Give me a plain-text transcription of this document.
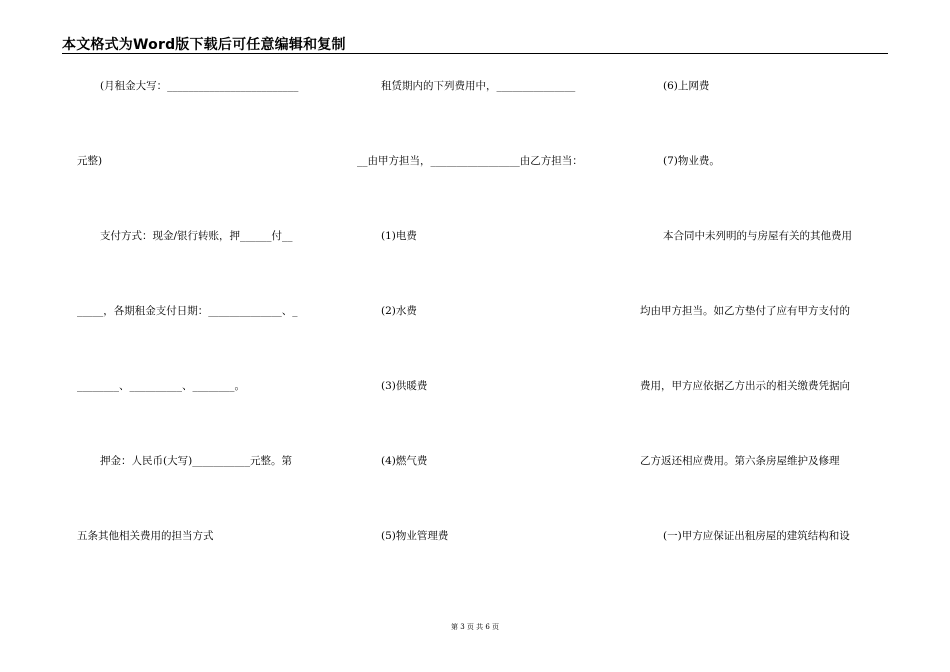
本文格式为Word版下载后可任意编辑和复制
(月租金大写：_________________________
元整)
支付方式：现金/银行转账，押______付__
_____，各期租金支付日期：______________、_
________、__________、________。
押金：人民币(大写)___________元整。第
五条其他相关费用的担当方式
租赁期内的下列费用中，_______________
__由甲方担当，_________________由乙方担当：
(1)电费
(2)水费
(3)供暖费
(4)燃气费
(5)物业管理费
(6)上网费
(7)物业费。
本合同中未列明的与房屋有关的其他费用
均由甲方担当。如乙方垫付了应有甲方支付的
费用，甲方应依据乙方出示的相关缴费凭据向
乙方返还相应费用。第六条房屋维护及修理
(一)甲方应保证出租房屋的建筑结构和设
第 3 页 共 6 页
